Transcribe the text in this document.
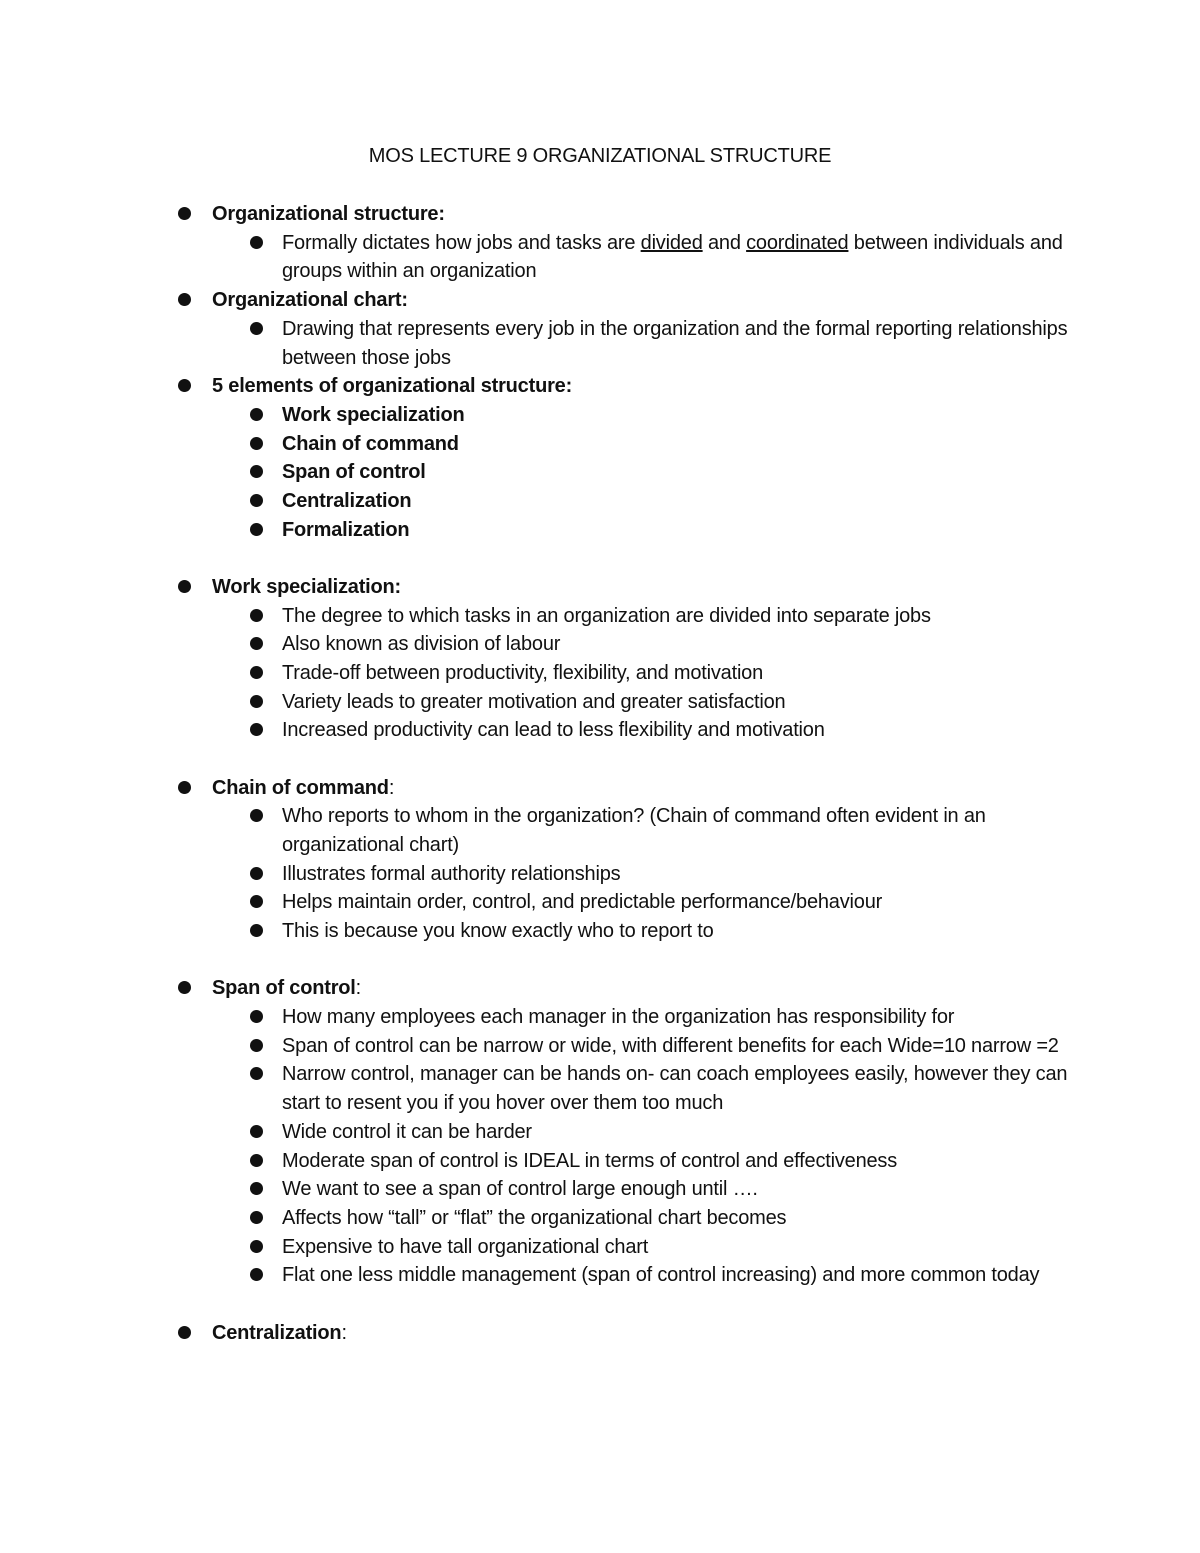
MOS LECTURE 9 ORGANIZATIONAL STRUCTURE
Organizational structure:
Formally dictates how jobs and tasks are divided and coordinated between individuals and groups within an organization
Organizational chart:
Drawing that represents every job in the organization and the formal reporting relationships between those jobs
5 elements of organizational structure:
Work specialization
Chain of command
Span of control
Centralization
Formalization
Work specialization:
The degree to which tasks in an organization are divided into separate jobs
Also known as division of labour
Trade-off between productivity, flexibility, and motivation
Variety leads to greater motivation and greater satisfaction
Increased productivity can lead to less flexibility and motivation
Chain of command:
Who reports to whom in the organization? (Chain of command often evident in an organizational chart)
Illustrates formal authority relationships
Helps maintain order, control, and predictable performance/behaviour
This is because you know exactly who to report to
Span of control:
How many employees each manager in the organization has responsibility for
Span of control can be narrow or wide, with different benefits for each Wide=10 narrow =2
Narrow control, manager can be hands on- can coach employees easily, however they can start to resent you if you hover over them too much
Wide control it can be harder
Moderate span of control is IDEAL in terms of control and effectiveness
We want to see a span of control large enough until ….
Affects how “tall” or “flat” the organizational chart becomes
Expensive to have tall organizational chart
Flat one less middle management (span of control increasing) and more common today
Centralization:
